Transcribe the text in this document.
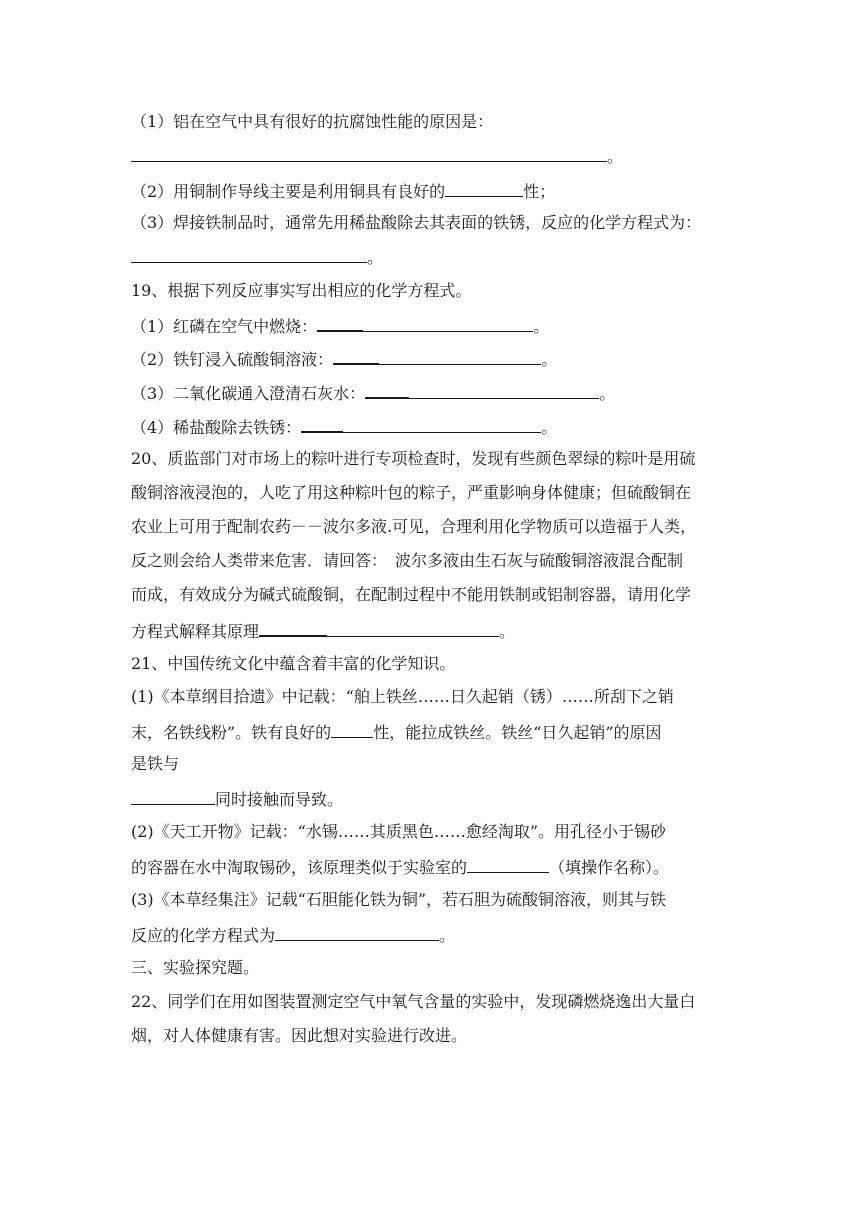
（1）铝在空气中具有很好的抗腐蚀性能的原因是：
。
（2）用铜制作导线主要是利用铜具有良好的	性；
（3）焊接铁制品时，通常先用稀盐酸除去其表面的铁锈，反应的化学方程式为：
。
19、根据下列反应事实写出相应的化学方程式。
（1）红磷在空气中燃烧：	。
（2）铁钉浸入硫酸铜溶液：	。
（3）二氧化碳通入澄清石灰水：	。
（4）稀盐酸除去铁锈：	。
20、质监部门对市场上的粽叶进行专项检查时，发现有些颜色翠绿的粽叶是用硫
酸铜溶液浸泡的，人吃了用这种粽叶包的粽子，严重影响身体健康；但硫酸铜在
农业上可用于配制农药－－波尔多液.可见，合理利用化学物质可以造福于人类，
反之则会给人类带来危害．请回答：　波尔多液由生石灰与硫酸铜溶液混合配制
而成，有效成分为碱式硫酸铜，在配制过程中不能用铁制或铝制容器，请用化学
方程式解释其原理	。
21、中国传统文化中蕴含着丰富的化学知识。
(1)《本草纲目拾遗》中记载：“舶上铁丝……日久起销（锈）……所刮下之销
末，名铁线粉”。铁有良好的	性，能拉成铁丝。铁丝“日久起销”的原因
是铁与
同时接触而导致。
(2)《天工开物》记载：“水锡……其质黑色……愈经淘取”。用孔径小于锡砂
的容器在水中淘取锡砂，该原理类似于实验室的	（填操作名称）。
(3)《本草经集注》记载“石胆能化铁为铜”，若石胆为硫酸铜溶液，则其与铁
反应的化学方程式为	。
三、实验探究题。
22、同学们在用如图装置测定空气中氧气含量的实验中，发现磷燃烧逸出大量白
烟，对人体健康有害。因此想对实验进行改进。
